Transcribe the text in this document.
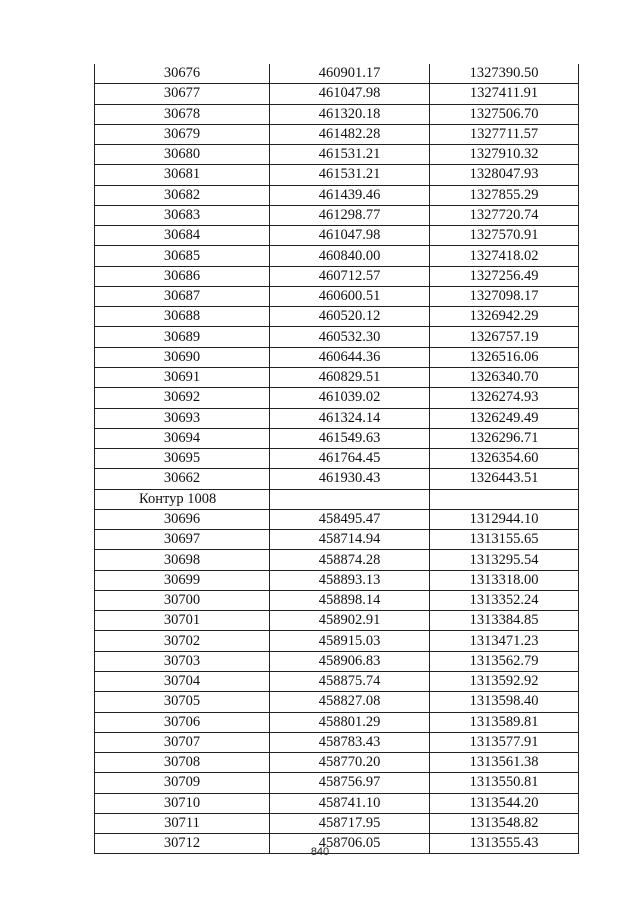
30676	460901.17	1327390.50
30677	461047.98	1327411.91
30678	461320.18	1327506.70
30679	461482.28	1327711.57
30680	461531.21	1327910.32
30681	461531.21	1328047.93
30682	461439.46	1327855.29
30683	461298.77	1327720.74
30684	461047.98	1327570.91
30685	460840.00	1327418.02
30686	460712.57	1327256.49
30687	460600.51	1327098.17
30688	460520.12	1326942.29
30689	460532.30	1326757.19
30690	460644.36	1326516.06
30691	460829.51	1326340.70
30692	461039.02	1326274.93
30693	461324.14	1326249.49
30694	461549.63	1326296.71
30695	461764.45	1326354.60
30662	461930.43	1326443.51
Контур 1008		
30696	458495.47	1312944.10
30697	458714.94	1313155.65
30698	458874.28	1313295.54
30699	458893.13	1313318.00
30700	458898.14	1313352.24
30701	458902.91	1313384.85
30702	458915.03	1313471.23
30703	458906.83	1313562.79
30704	458875.74	1313592.92
30705	458827.08	1313598.40
30706	458801.29	1313589.81
30707	458783.43	1313577.91
30708	458770.20	1313561.38
30709	458756.97	1313550.81
30710	458741.10	1313544.20
30711	458717.95	1313548.82
30712	458706.05	1313555.43
840
